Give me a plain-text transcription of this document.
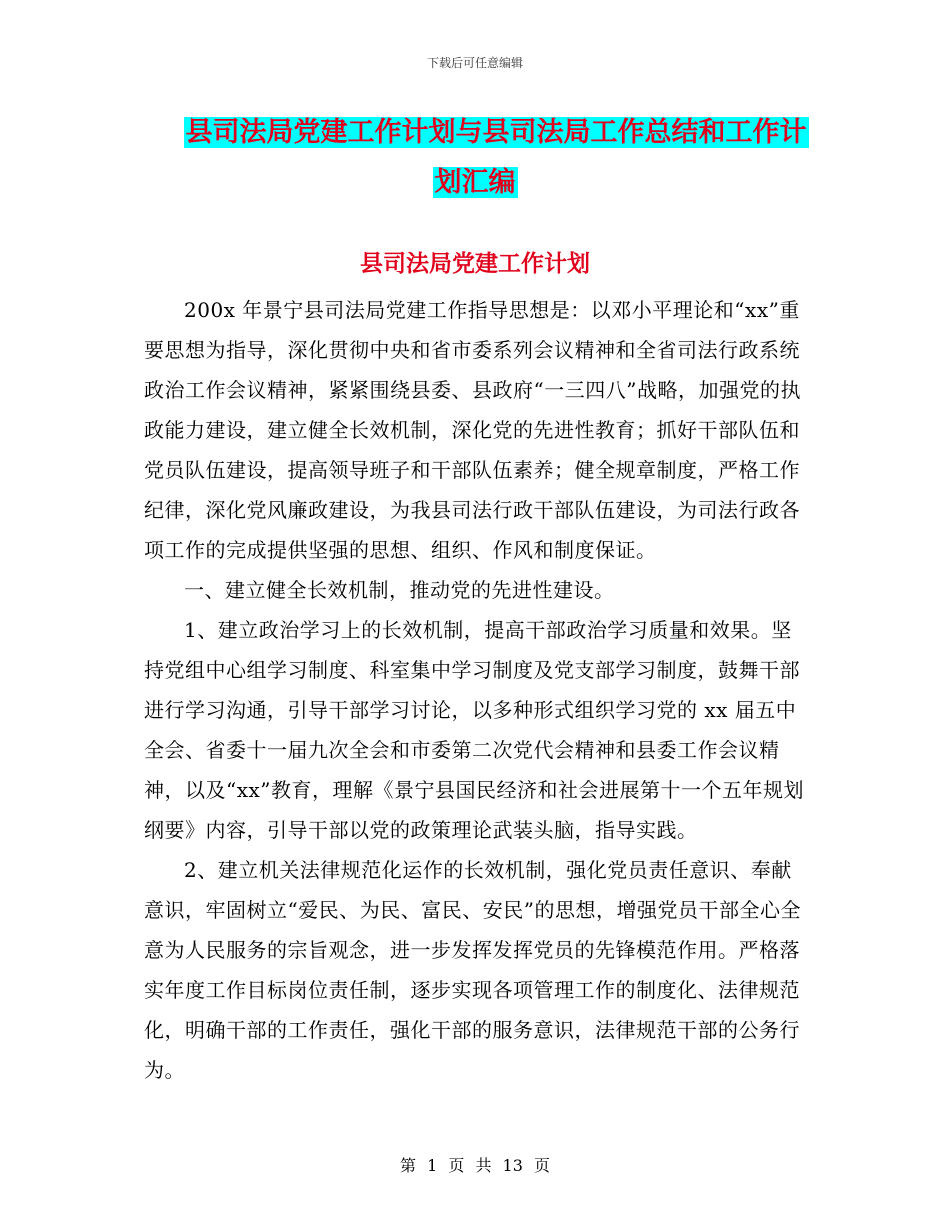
下载后可任意编辑
县司法局党建工作计划与县司法局工作总结和工作计
划汇编
县司法局党建工作计划

200x 年景宁县司法局党建工作指导思想是：以邓小平理论和“xx”重要思想为指导，深化贯彻中央和省市委系列会议精神和全省司法行政系统政治工作会议精神，紧紧围绕县委、县政府“一三四八”战略，加强党的执政能力建设，建立健全长效机制，深化党的先进性教育；抓好干部队伍和党员队伍建设，提高领导班子和干部队伍素养；健全规章制度，严格工作纪律，深化党风廉政建设，为我县司法行政干部队伍建设，为司法行政各项工作的完成提供坚强的思想、组织、作风和制度保证。

一、建立健全长效机制，推动党的先进性建设。

1、建立政治学习上的长效机制，提高干部政治学习质量和效果。坚持党组中心组学习制度、科室集中学习制度及党支部学习制度，鼓舞干部进行学习沟通，引导干部学习讨论，以多种形式组织学习党的 xx 届五中全会、省委十一届九次全会和市委第二次党代会精神和县委工作会议精神，以及“xx”教育，理解《景宁县国民经济和社会进展第十一个五年规划纲要》内容，引导干部以党的政策理论武装头脑，指导实践。

2、建立机关法律规范化运作的长效机制，强化党员责任意识、奉献意识，牢固树立“爱民、为民、富民、安民”的思想，增强党员干部全心全意为人民服务的宗旨观念，进一步发挥发挥党员的先锋模范作用。严格落实年度工作目标岗位责任制，逐步实现各项管理工作的制度化、法律规范化，明确干部的工作责任，强化干部的服务意识，法律规范干部的公务行为。

第 1 页 共 13 页
